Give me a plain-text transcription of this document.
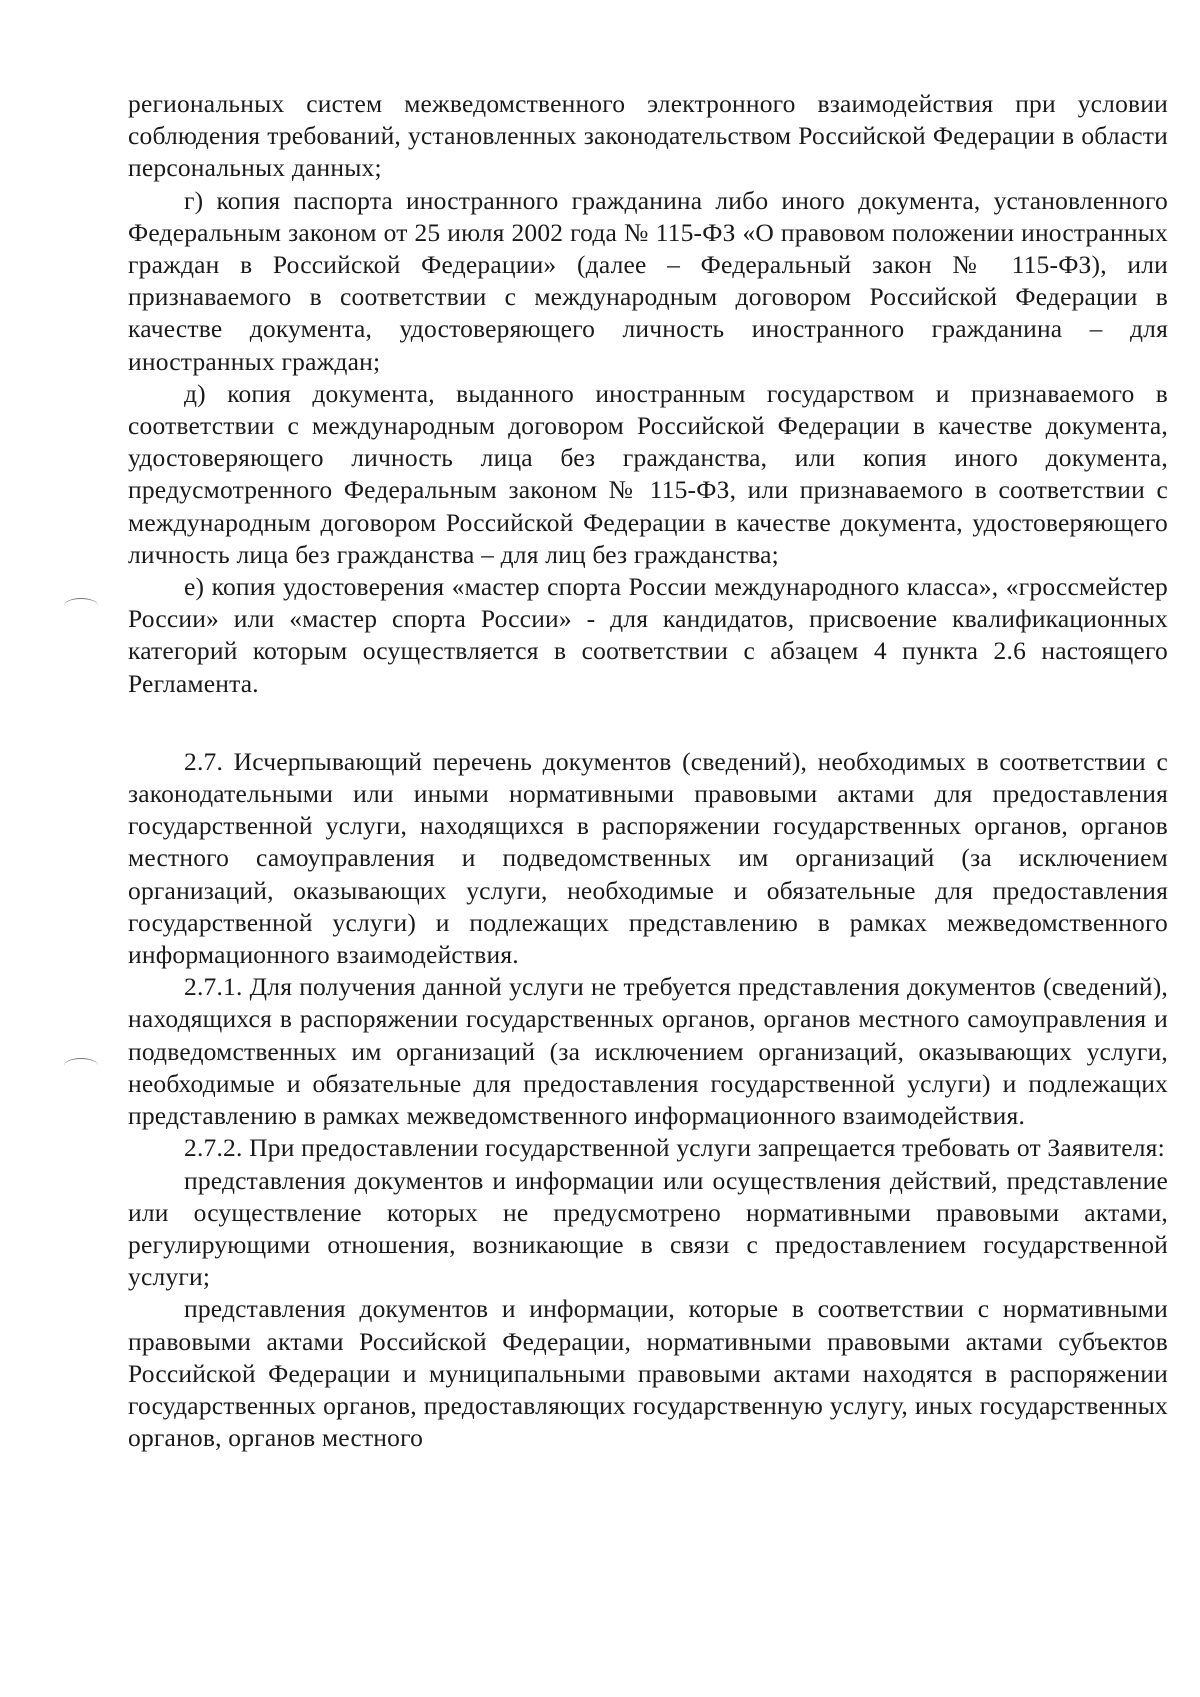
региональных систем межведомственного электронного взаимодействия при условии соблюдения требований, установленных законодательством Российской Федерации в области персональных данных;

г) копия паспорта иностранного гражданина либо иного документа, установленного Федеральным законом от 25 июля 2002 года № 115-ФЗ «О правовом положении иностранных граждан в Российской Федерации» (далее – Федеральный закон № 115-ФЗ), или признаваемого в соответствии с международным договором Российской Федерации в качестве документа, удостоверяющего личность иностранного гражданина – для иностранных граждан;

д) копия документа, выданного иностранным государством и признаваемого в соответствии с международным договором Российской Федерации в качестве документа, удостоверяющего личность лица без гражданства, или копия иного документа, предусмотренного Федеральным законом № 115-ФЗ, или признаваемого в соответствии с международным договором Российской Федерации в качестве документа, удостоверяющего личность лица без гражданства – для лиц без гражданства;

е) копия удостоверения «мастер спорта России международного класса», «гроссмейстер России» или «мастер спорта России» - для кандидатов, присвоение квалификационных категорий которым осуществляется в соответствии с абзацем 4 пункта 2.6 настоящего Регламента.

2.7. Исчерпывающий перечень документов (сведений), необходимых в соответствии с законодательными или иными нормативными правовыми актами для предоставления государственной услуги, находящихся в распоряжении государственных органов, органов местного самоуправления и подведомственных им организаций (за исключением организаций, оказывающих услуги, необходимые и обязательные для предоставления государственной услуги) и подлежащих представлению в рамках межведомственного информационного взаимодействия.

2.7.1. Для получения данной услуги не требуется представления документов (сведений), находящихся в распоряжении государственных органов, органов местного самоуправления и подведомственных им организаций (за исключением организаций, оказывающих услуги, необходимые и обязательные для предоставления государственной услуги) и подлежащих представлению в рамках межведомственного информационного взаимодействия.

2.7.2. При предоставлении государственной услуги запрещается требовать от Заявителя:

представления документов и информации или осуществления действий, представление или осуществление которых не предусмотрено нормативными правовыми актами, регулирующими отношения, возникающие в связи с предоставлением государственной услуги;

представления документов и информации, которые в соответствии с нормативными правовыми актами Российской Федерации, нормативными правовыми актами субъектов Российской Федерации и муниципальными правовыми актами находятся в распоряжении государственных органов, предоставляющих государственную услугу, иных государственных органов, органов местного
